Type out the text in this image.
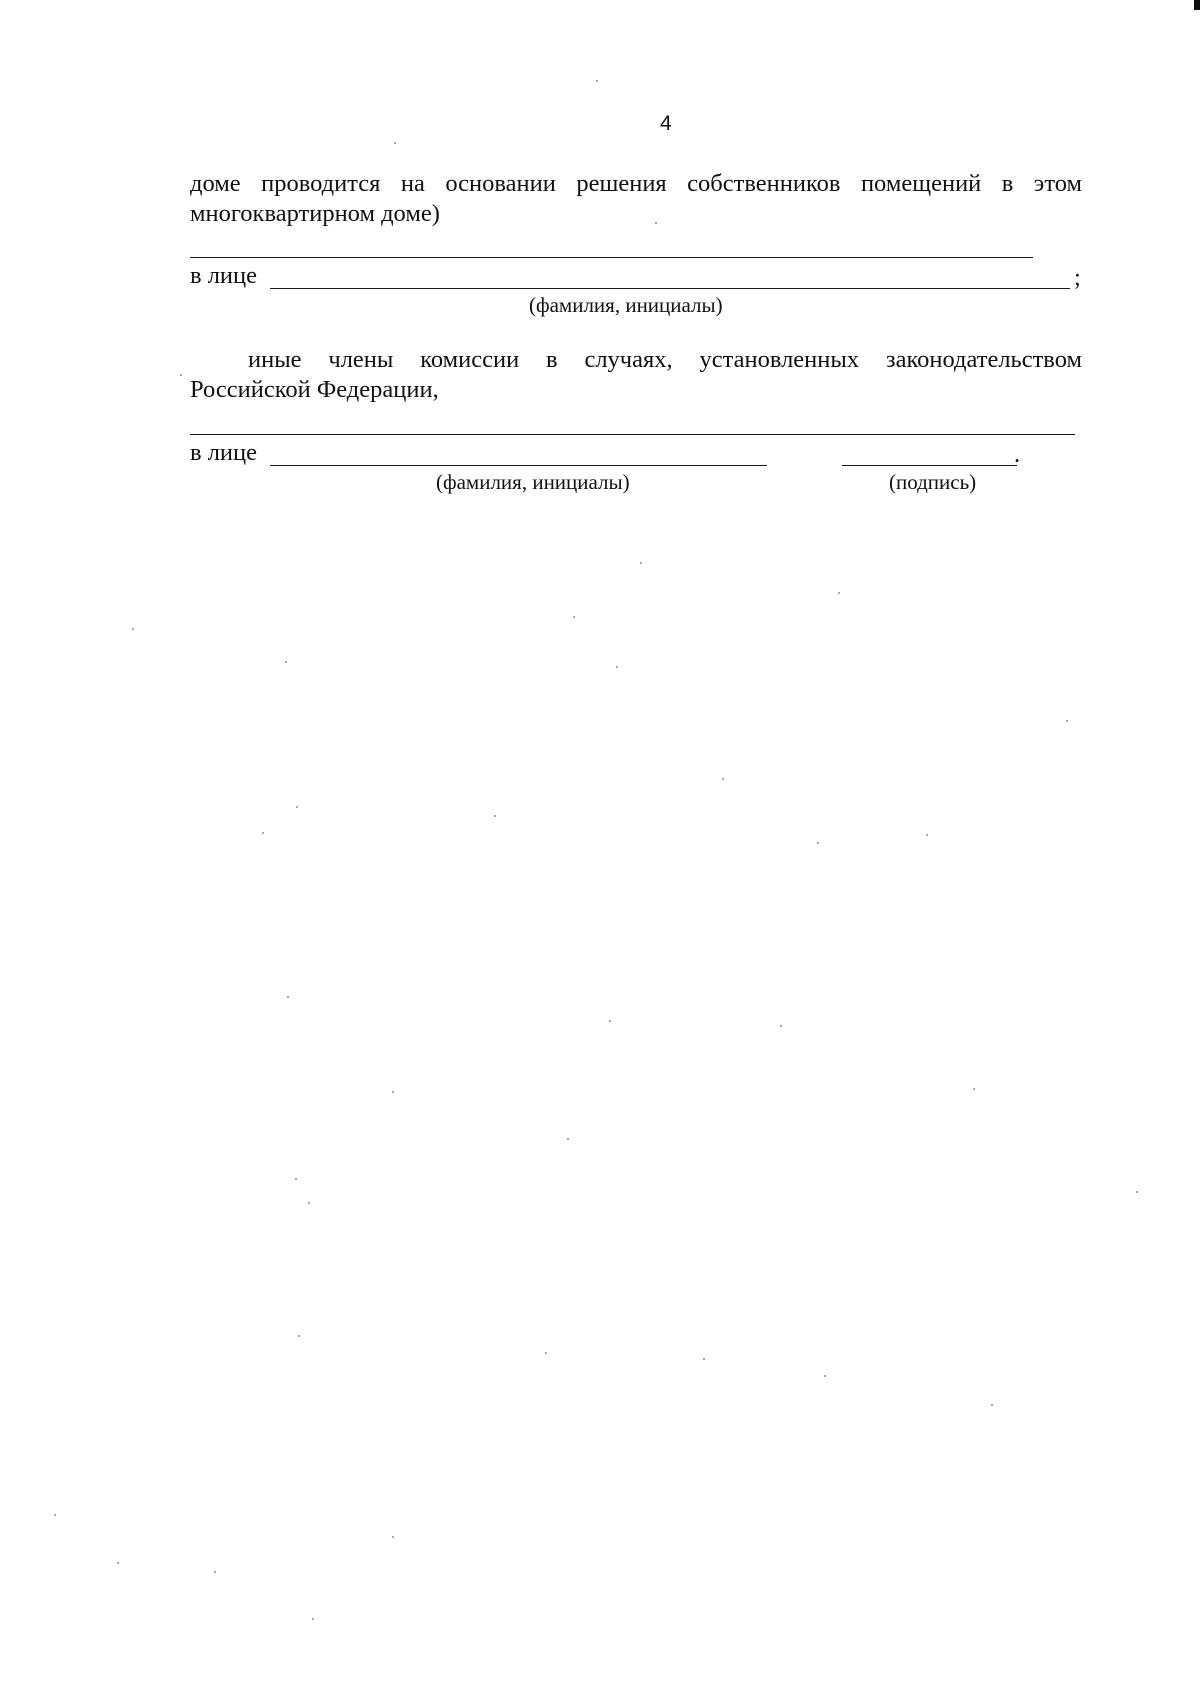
4

доме проводится на основании решения собственников помещений в этом многоквартирном доме)

в лице	;
(фамилия, инициалы)

иные члены комиссии в случаях, установленных законодательством Российской Федерации,

в лице	.
(фамилия, инициалы)	(подпись)
